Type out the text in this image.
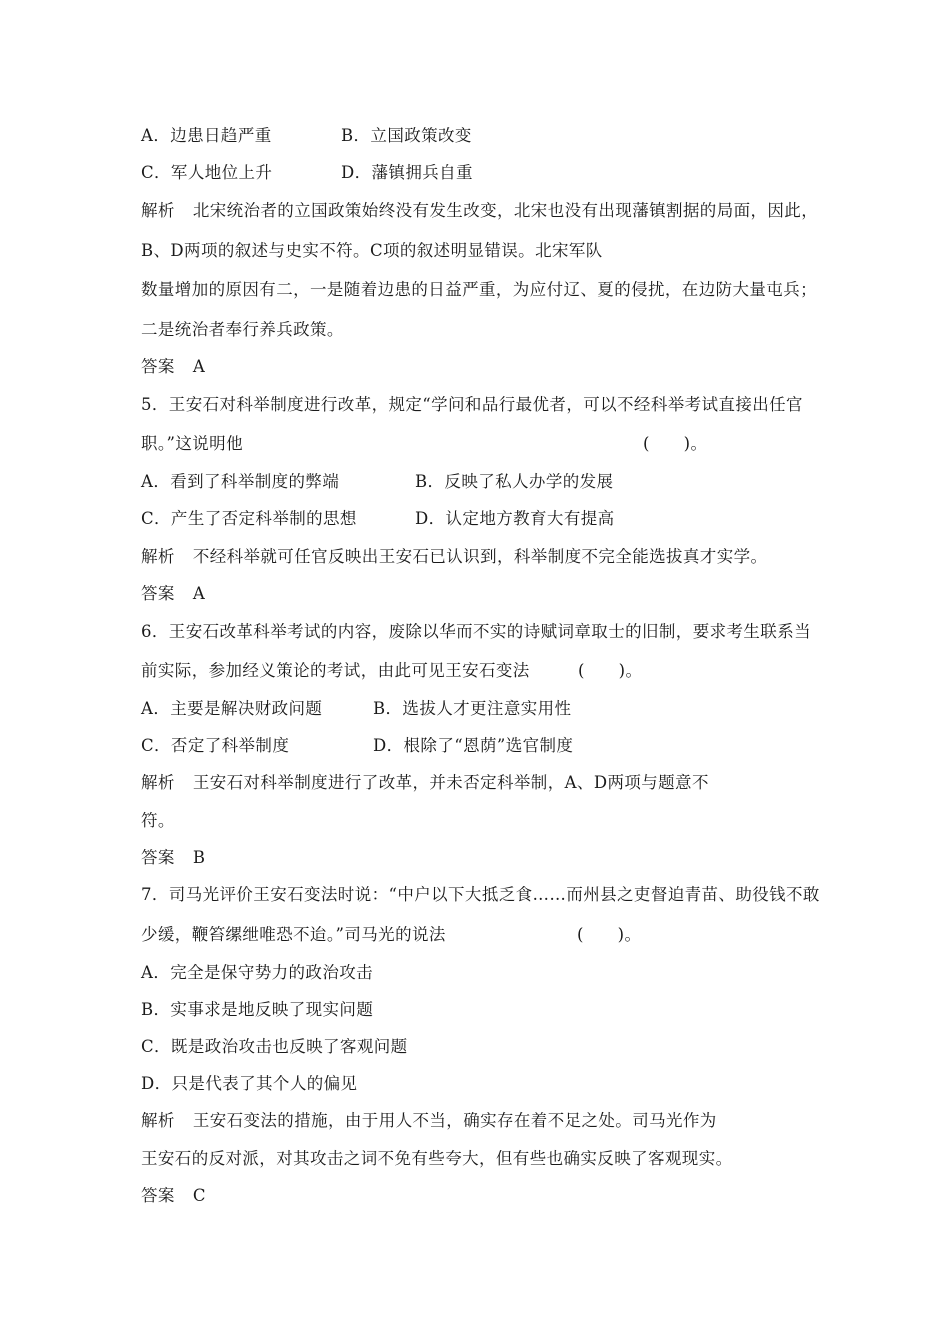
A．边患日趋严重	B．立国政策改变
C．军人地位上升	D．藩镇拥兵自重
解析 北宋统治者的立国政策始终没有发生改变，北宋也没有出现藩镇割据的局面，因此，
B、D两项的叙述与史实不符。C项的叙述明显错误。北宋军队
数量增加的原因有二，一是随着边患的日益严重，为应付辽、夏的侵扰，在边防大量屯兵；
二是统治者奉行养兵政策。
答案 A
5．王安石对科举制度进行改革，规定“学问和品行最优者，可以不经科举考试直接出任官
职。”这说明他	(　　)。
A．看到了科举制度的弊端	B．反映了私人办学的发展
C．产生了否定科举制的思想	D．认定地方教育大有提高
解析 不经科举就可任官反映出王安石已认识到，科举制度不完全能选拔真才实学。
答案 A
6．王安石改革科举考试的内容，废除以华而不实的诗赋词章取士的旧制，要求考生联系当
前实际，参加经义策论的考试，由此可见王安石变法	(　　)。
A．主要是解决财政问题	B．选拔人才更注意实用性
C．否定了科举制度	D．根除了“恩荫”选官制度
解析 王安石对科举制度进行了改革，并未否定科举制，A、D两项与题意不
符。
答案 B
7．司马光评价王安石变法时说：“中户以下大抵乏食……而州县之吏督迫青苗、助役钱不敢
少缓，鞭笞缧绁唯恐不迨。”司马光的说法	(　　)。
A．完全是保守势力的政治攻击
B．实事求是地反映了现实问题
C．既是政治攻击也反映了客观问题
D．只是代表了其个人的偏见
解析 王安石变法的措施，由于用人不当，确实存在着不足之处。司马光作为
王安石的反对派，对其攻击之词不免有些夸大，但有些也确实反映了客观现实。
答案 C
